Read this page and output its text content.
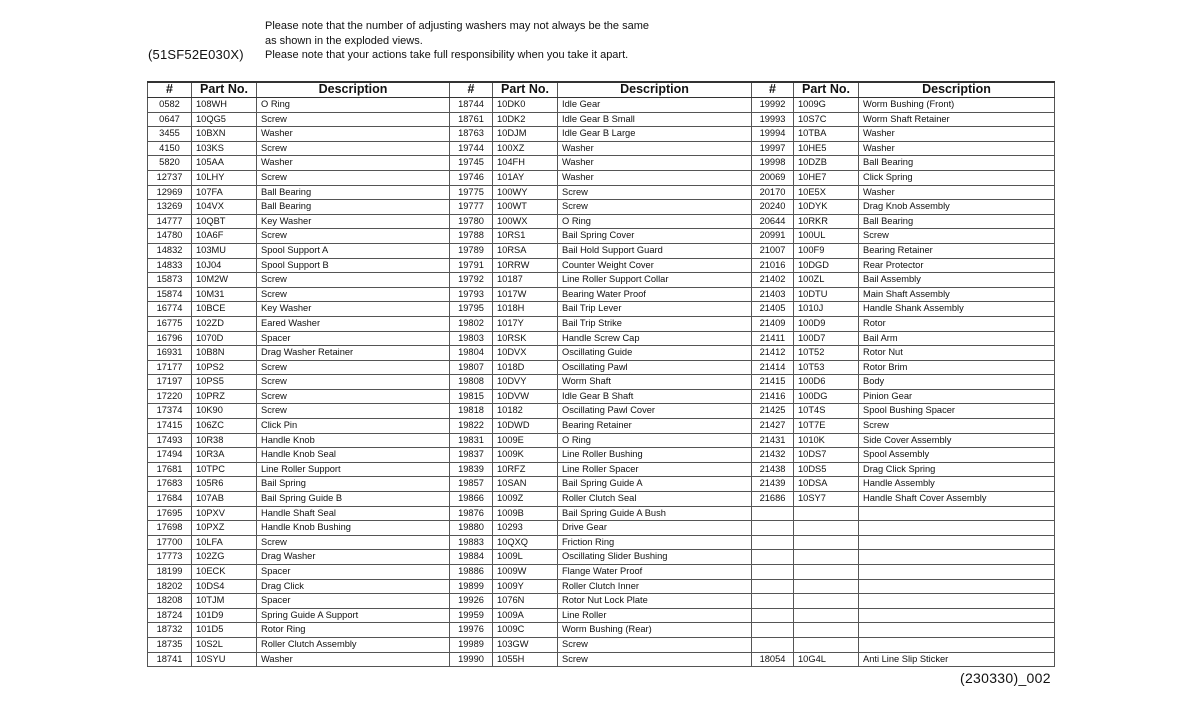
(51SF52E030X)
Please note that the number of adjusting washers may not always be the same
as shown in the exploded views.
Please note that your actions take full responsibility when you take it apart.
#	Part No.	Description	#	Part No.	Description	#	Part No.	Description
0582	108WH	O Ring	18744	10DK0	Idle Gear	19992	1009G	Worm Bushing (Front)
0647	10QG5	Screw	18761	10DK2	Idle Gear B Small	19993	10S7C	Worm Shaft Retainer
3455	10BXN	Washer	18763	10DJM	Idle Gear B Large	19994	10TBA	Washer
4150	103KS	Screw	19744	100XZ	Washer	19997	10HE5	Washer
5820	105AA	Washer	19745	104FH	Washer	19998	10DZB	Ball Bearing
12737	10LHY	Screw	19746	101AY	Washer	20069	10HE7	Click Spring
12969	107FA	Ball Bearing	19775	100WY	Screw	20170	10E5X	Washer
13269	104VX	Ball Bearing	19777	100WT	Screw	20240	10DYK	Drag Knob Assembly
14777	10QBT	Key Washer	19780	100WX	O Ring	20644	10RKR	Ball Bearing
14780	10A6F	Screw	19788	10RS1	Bail Spring Cover	20991	100UL	Screw
14832	103MU	Spool Support A	19789	10RSA	Bail Hold Support Guard	21007	100F9	Bearing Retainer
14833	10J04	Spool Support B	19791	10RRW	Counter Weight Cover	21016	10DGD	Rear Protector
15873	10M2W	Screw	19792	10187	Line Roller Support Collar	21402	100ZL	Bail Assembly
15874	10M31	Screw	19793	1017W	Bearing Water Proof	21403	10DTU	Main Shaft Assembly
16774	10BCE	Key Washer	19795	1018H	Bail Trip Lever	21405	1010J	Handle Shank Assembly
16775	102ZD	Eared Washer	19802	1017Y	Bail Trip Strike	21409	100D9	Rotor
16796	1070D	Spacer	19803	10RSK	Handle Screw Cap	21411	100D7	Bail Arm
16931	10B8N	Drag Washer Retainer	19804	10DVX	Oscillating Guide	21412	10T52	Rotor Nut
17177	10PS2	Screw	19807	1018D	Oscillating Pawl	21414	10T53	Rotor Brim
17197	10PS5	Screw	19808	10DVY	Worm Shaft	21415	100D6	Body
17220	10PRZ	Screw	19815	10DVW	Idle Gear B Shaft	21416	100DG	Pinion Gear
17374	10K90	Screw	19818	10182	Oscillating Pawl Cover	21425	10T4S	Spool Bushing Spacer
17415	106ZC	Click Pin	19822	10DWD	Bearing Retainer	21427	10T7E	Screw
17493	10R38	Handle Knob	19831	1009E	O Ring	21431	1010K	Side Cover Assembly
17494	10R3A	Handle Knob Seal	19837	1009K	Line Roller Bushing	21432	10DS7	Spool Assembly
17681	10TPC	Line Roller Support	19839	10RFZ	Line Roller Spacer	21438	10DS5	Drag Click Spring
17683	105R6	Bail Spring	19857	10SAN	Bail Spring Guide A	21439	10DSA	Handle Assembly
17684	107AB	Bail Spring Guide B	19866	1009Z	Roller Clutch Seal	21686	10SY7	Handle Shaft Cover Assembly
17695	10PXV	Handle Shaft Seal	19876	1009B	Bail Spring Guide A Bush			
17698	10PXZ	Handle Knob Bushing	19880	10293	Drive Gear			
17700	10LFA	Screw	19883	10QXQ	Friction Ring			
17773	102ZG	Drag Washer	19884	1009L	Oscillating Slider Bushing			
18199	10ECK	Spacer	19886	1009W	Flange Water Proof			
18202	10DS4	Drag Click	19899	1009Y	Roller Clutch Inner			
18208	10TJM	Spacer	19926	1076N	Rotor Nut Lock Plate			
18724	101D9	Spring Guide A Support	19959	1009A	Line Roller			
18732	101D5	Rotor Ring	19976	1009C	Worm Bushing (Rear)			
18735	10S2L	Roller Clutch Assembly	19989	103GW	Screw			
18741	10SYU	Washer	19990	1055H	Screw	18054	10G4L	Anti Line Slip Sticker
(230330)_002
